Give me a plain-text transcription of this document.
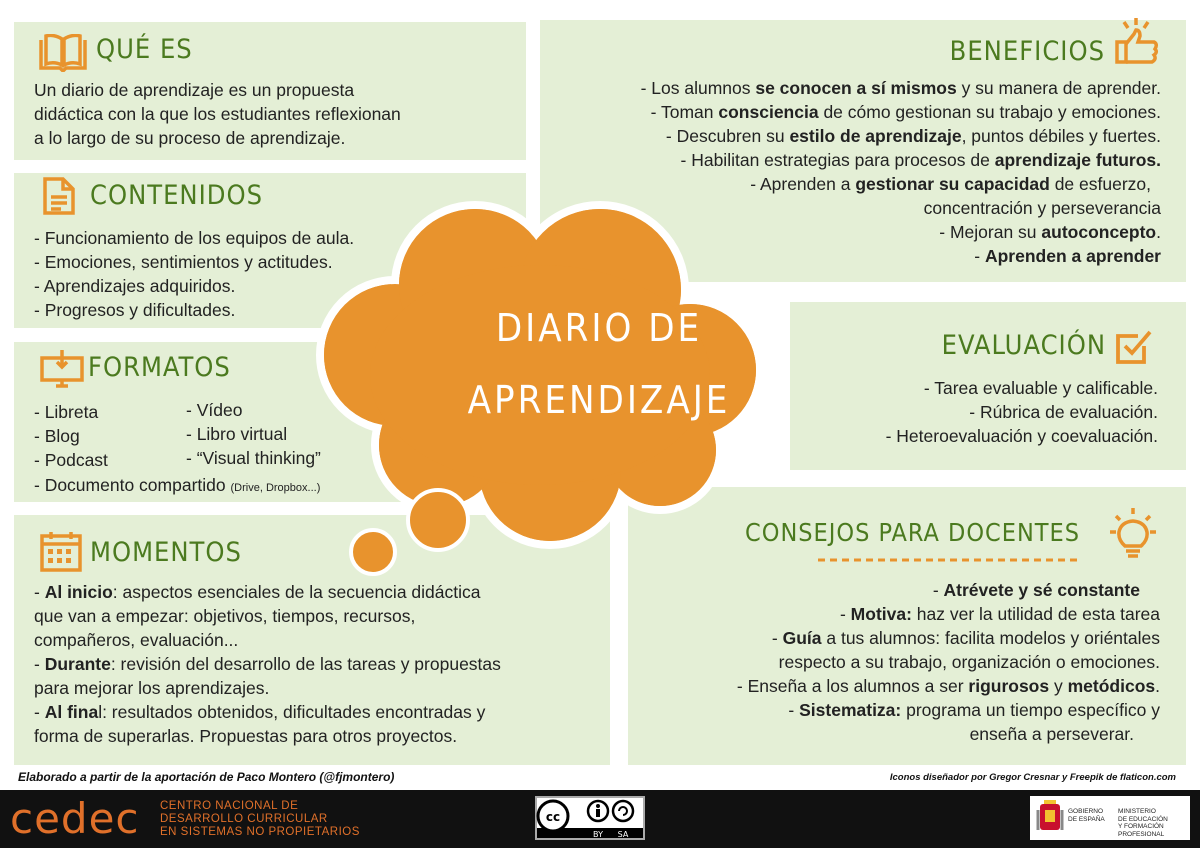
DIARIO DE
APRENDIZAJE
QUÉ ES
Un diario de aprendizaje es un propuesta
didáctica con la que los estudiantes reflexionan
a lo largo de su proceso de aprendizaje.
CONTENIDOS
- Funcionamiento de los equipos de aula.
- Emociones, sentimientos y actitudes.
- Aprendizajes adquiridos.
- Progresos y dificultades.
FORMATOS
- Libreta
- Blog
- Podcast
- Vídeo
- Libro virtual
- “Visual thinking”
- Documento compartido (Drive, Dropbox...)
MOMENTOS
- Al inicio: aspectos esenciales de la secuencia didáctica
que van a empezar: objetivos, tiempos, recursos,
compañeros, evaluación...
- Durante: revisión del desarrollo de las tareas y propuestas
para mejorar los aprendizajes.
- Al final: resultados obtenidos, dificultades encontradas y
forma de superarlas. Propuestas para otros proyectos.
BENEFICIOS
- Los alumnos se conocen a sí mismos y su manera de aprender.
- Toman consciencia de cómo gestionan su trabajo y emociones.
- Descubren su estilo de aprendizaje, puntos débiles y fuertes.
- Habilitan estrategias para procesos de aprendizaje futuros.
- Aprenden a gestionar su capacidad de esfuerzo,
concentración y perseverancia
- Mejoran su autoconcepto.
- Aprenden a aprender
EVALUACIÓN
- Tarea evaluable y calificable.
- Rúbrica de evaluación.
- Heteroevaluación y coevaluación.
CONSEJOS PARA DOCENTES
- Atrévete y sé constante
- Motiva: haz ver la utilidad de esta tarea
- Guía a tus alumnos: facilita modelos y oriéntales
respecto a su trabajo, organización o emociones.
- Enseña a los alumnos a ser rigurosos y metódicos.
- Sistematiza: programa un tiempo específico y
enseña a perseverar.
Elaborado a partir de la aportación de Paco Montero (@fjmontero)	Iconos diseñador por Gregor Cresnar y Freepik de flaticon.com
cedec CENTRO NACIONAL DE
DESARROLLO CURRICULAR
EN SISTEMAS NO PROPIETARIOS
cc
BY SA
GOBIERNO
DE ESPAÑA
MINISTERIO
DE EDUCACIÓN
Y FORMACIÓN PROFESIONAL
